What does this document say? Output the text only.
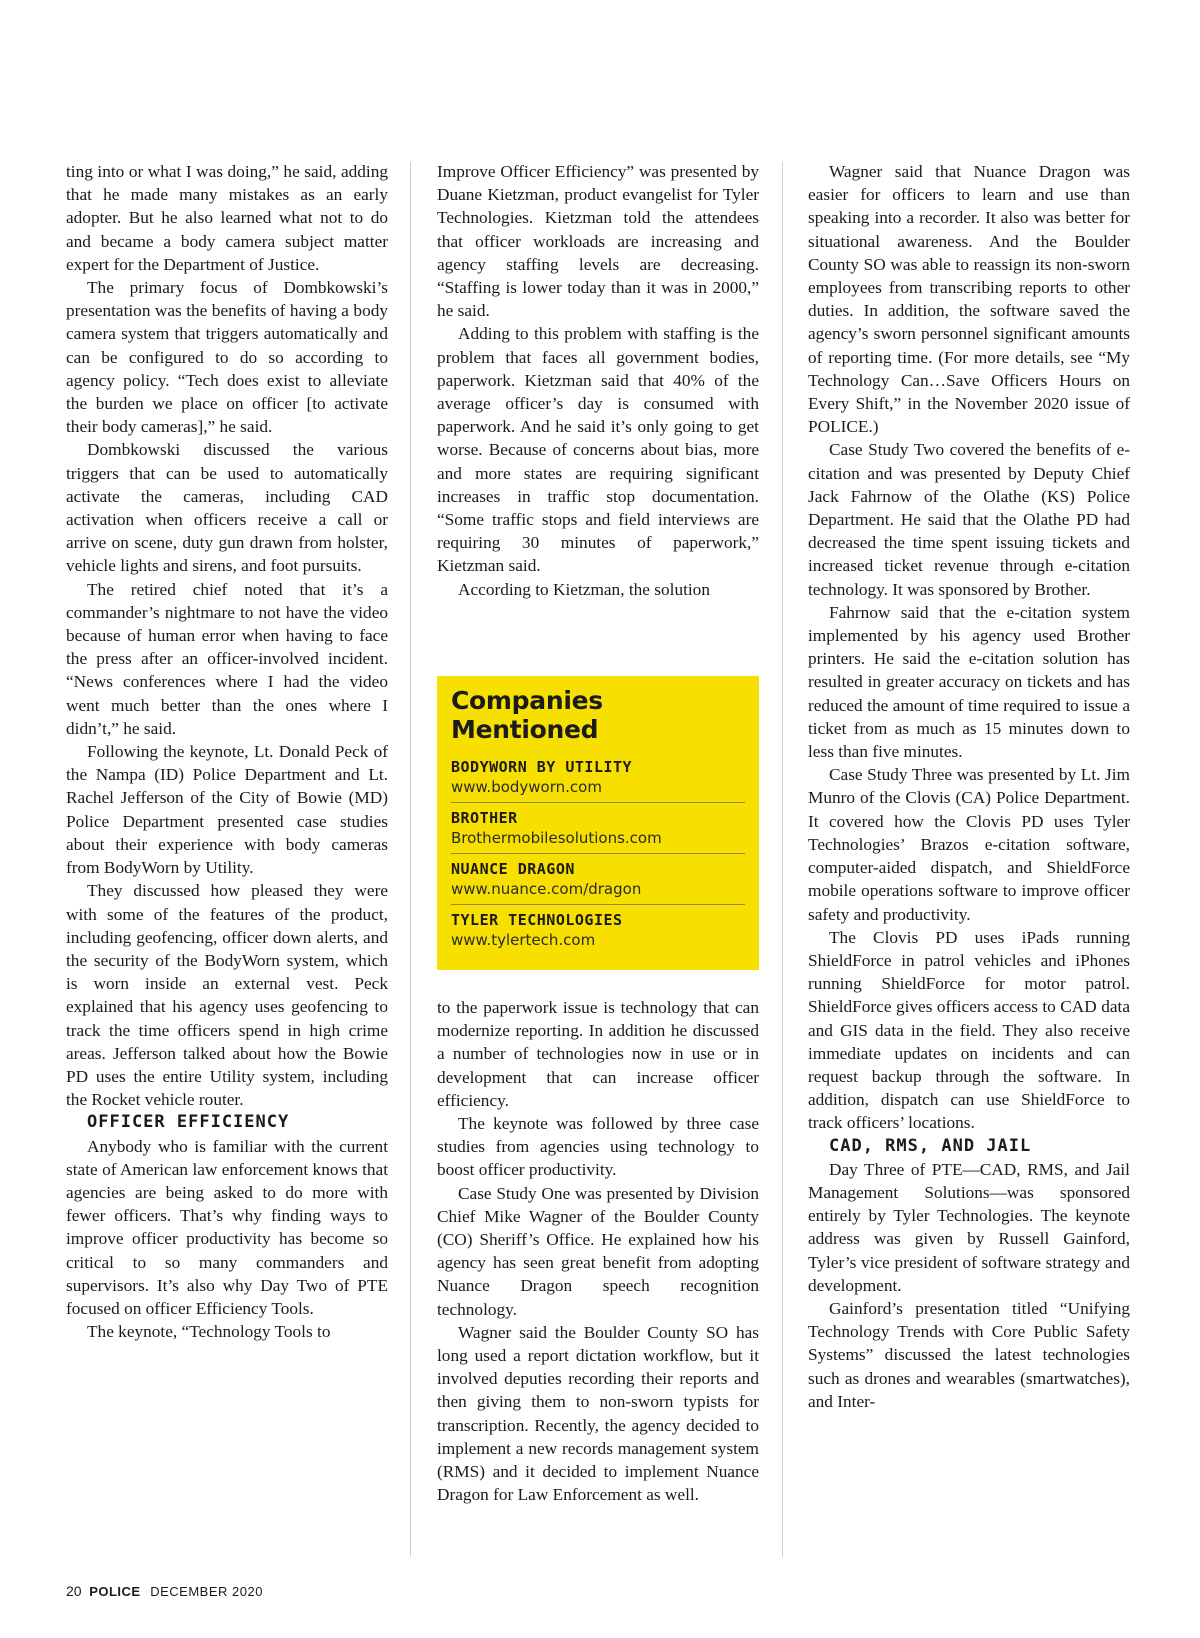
ting into or what I was doing,” he said, adding that he made many mistakes as an early adopter. But he also learned what not to do and became a body camera subject matter expert for the Department of Justice.

The primary focus of Dombkowski’s presentation was the benefits of having a body camera system that triggers automatically and can be configured to do so according to agency policy. “Tech does exist to alleviate the burden we place on officer [to activate their body cameras],” he said.

Dombkowski discussed the various triggers that can be used to automatically activate the cameras, including CAD activation when officers receive a call or arrive on scene, duty gun drawn from holster, vehicle lights and sirens, and foot pursuits.

The retired chief noted that it’s a commander’s nightmare to not have the video because of human error when having to face the press after an officer-involved incident. “News conferences where I had the video went much better than the ones where I didn’t,” he said.

Following the keynote, Lt. Donald Peck of the Nampa (ID) Police Department and Lt. Rachel Jefferson of the City of Bowie (MD) Police Department presented case studies about their experience with body cameras from BodyWorn by Utility.

They discussed how pleased they were with some of the features of the product, including geofencing, officer down alerts, and the security of the BodyWorn system, which is worn inside an external vest. Peck explained that his agency uses geofencing to track the time officers spend in high crime areas. Jefferson talked about how the Bowie PD uses the entire Utility system, including the Rocket vehicle router.

OFFICER EFFICIENCY

Anybody who is familiar with the current state of American law enforcement knows that agencies are being asked to do more with fewer officers. That’s why finding ways to improve officer productivity has become so critical to so many commanders and supervisors. It’s also why Day Two of PTE focused on officer Efficiency Tools.

The keynote, “Technology Tools to

Improve Officer Efficiency” was presented by Duane Kietzman, product evangelist for Tyler Technologies. Kietzman told the attendees that officer workloads are increasing and agency staffing levels are decreasing. “Staffing is lower today than it was in 2000,” he said.

Adding to this problem with staffing is the problem that faces all government bodies, paperwork. Kietzman said that 40% of the average officer’s day is consumed with paperwork. And he said it’s only going to get worse. Because of concerns about bias, more and more states are requiring significant increases in traffic stop documentation. “Some traffic stops and field interviews are requiring 30 minutes of paperwork,” Kietzman said.

According to Kietzman, the solution

Companies Mentioned
BODYWORN BY UTILITY
www.bodyworn.com
BROTHER
Brothermobilesolutions.com
NUANCE DRAGON
www.nuance.com/dragon
TYLER TECHNOLOGIES
www.tylertech.com

to the paperwork issue is technology that can modernize reporting. In addition he discussed a number of technologies now in use or in development that can increase officer efficiency.

The keynote was followed by three case studies from agencies using technology to boost officer productivity.

Case Study One was presented by Division Chief Mike Wagner of the Boulder County (CO) Sheriff’s Office. He explained how his agency has seen great benefit from adopting Nuance Dragon speech recognition technology.

Wagner said the Boulder County SO has long used a report dictation workflow, but it involved deputies recording their reports and then giving them to non-sworn typists for transcription. Recently, the agency decided to implement a new records management system (RMS) and it decided to implement Nuance Dragon for Law Enforcement as well.

Wagner said that Nuance Dragon was easier for officers to learn and use than speaking into a recorder. It also was better for situational awareness. And the Boulder County SO was able to reassign its non-sworn employees from transcribing reports to other duties. In addition, the software saved the agency’s sworn personnel significant amounts of reporting time. (For more details, see “My Technology Can…Save Officers Hours on Every Shift,” in the November 2020 issue of POLICE.)

Case Study Two covered the benefits of e-citation and was presented by Deputy Chief Jack Fahrnow of the Olathe (KS) Police Department. He said that the Olathe PD had decreased the time spent issuing tickets and increased ticket revenue through e-citation technology. It was sponsored by Brother.

Fahrnow said that the e-citation system implemented by his agency used Brother printers. He said the e-citation solution has resulted in greater accuracy on tickets and has reduced the amount of time required to issue a ticket from as much as 15 minutes down to less than five minutes.

Case Study Three was presented by Lt. Jim Munro of the Clovis (CA) Police Department. It covered how the Clovis PD uses Tyler Technologies’ Brazos e-citation software, computer-aided dispatch, and ShieldForce mobile operations software to improve officer safety and productivity.

The Clovis PD uses iPads running ShieldForce in patrol vehicles and iPhones running ShieldForce for motor patrol. ShieldForce gives officers access to CAD data and GIS data in the field. They also receive immediate updates on incidents and can request backup through the software. In addition, dispatch can use ShieldForce to track officers’ locations.

CAD, RMS, AND JAIL

Day Three of PTE—CAD, RMS, and Jail Management Solutions—was sponsored entirely by Tyler Technologies. The keynote address was given by Russell Gainford, Tyler’s vice president of software strategy and development.

Gainford’s presentation titled “Unifying Technology Trends with Core Public Safety Systems” discussed the latest technologies such as drones and wearables (smartwatches), and Inter-

20 POLICE DECEMBER 2020
